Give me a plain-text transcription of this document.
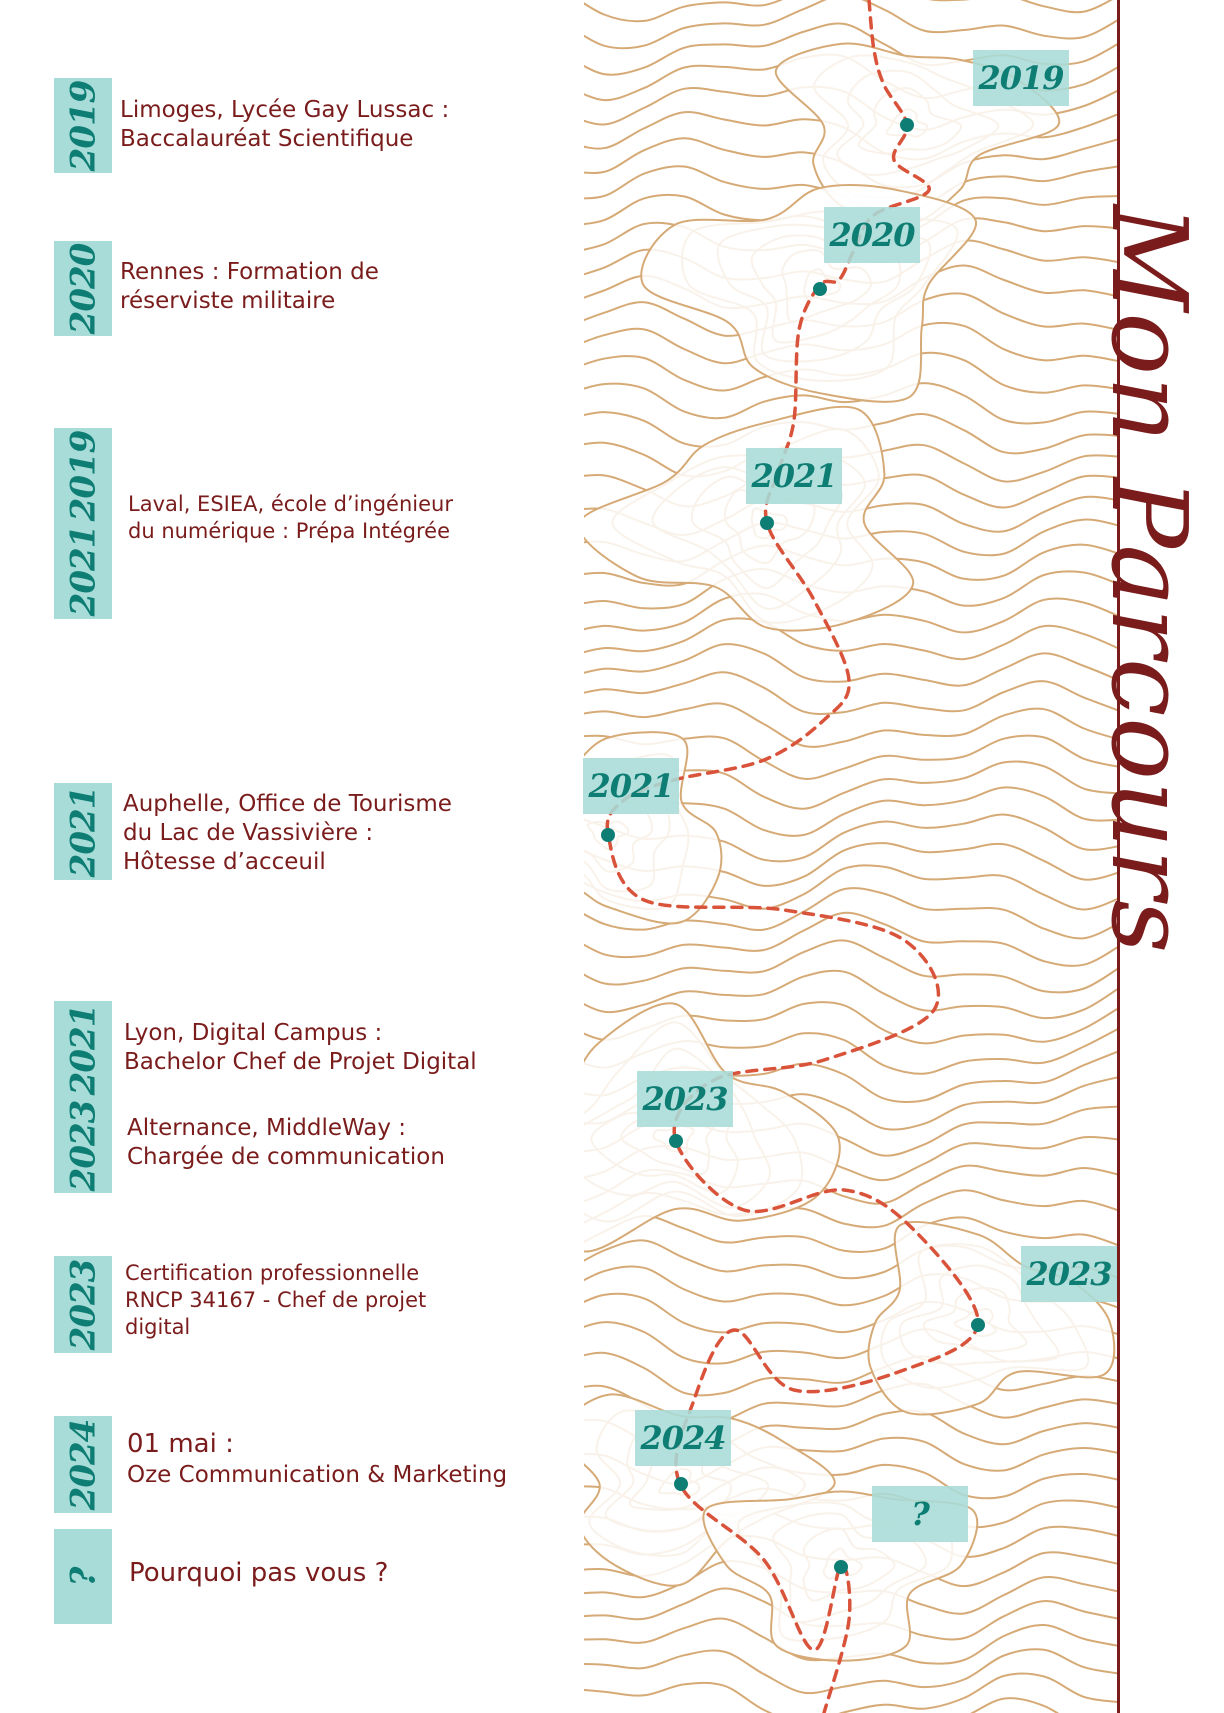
2019 Limoges, Lycée Gay Lussac :
Baccalauréat Scientifique
2020 Rennes : Formation de
réserviste militaire
2019
2021
Laval, ESIEA, école d’ingénieur
du numérique : Prépa Intégrée
2021 Auphelle, Office de Tourisme
du Lac de Vassivière :
Hôtesse d’acceuil
2021
2023
Lyon, Digital Campus :
Bachelor Chef de Projet Digital
Alternance, MiddleWay :
Chargée de communication
2023 Certification professionnelle
RNCP 34167 - Chef de projet
digital
2024 01 mai :
Oze Communication & Marketing
? Pourquoi pas vous ?
Mon Parcours
2019
2020
2021
2021
2023
2023
2024
?
